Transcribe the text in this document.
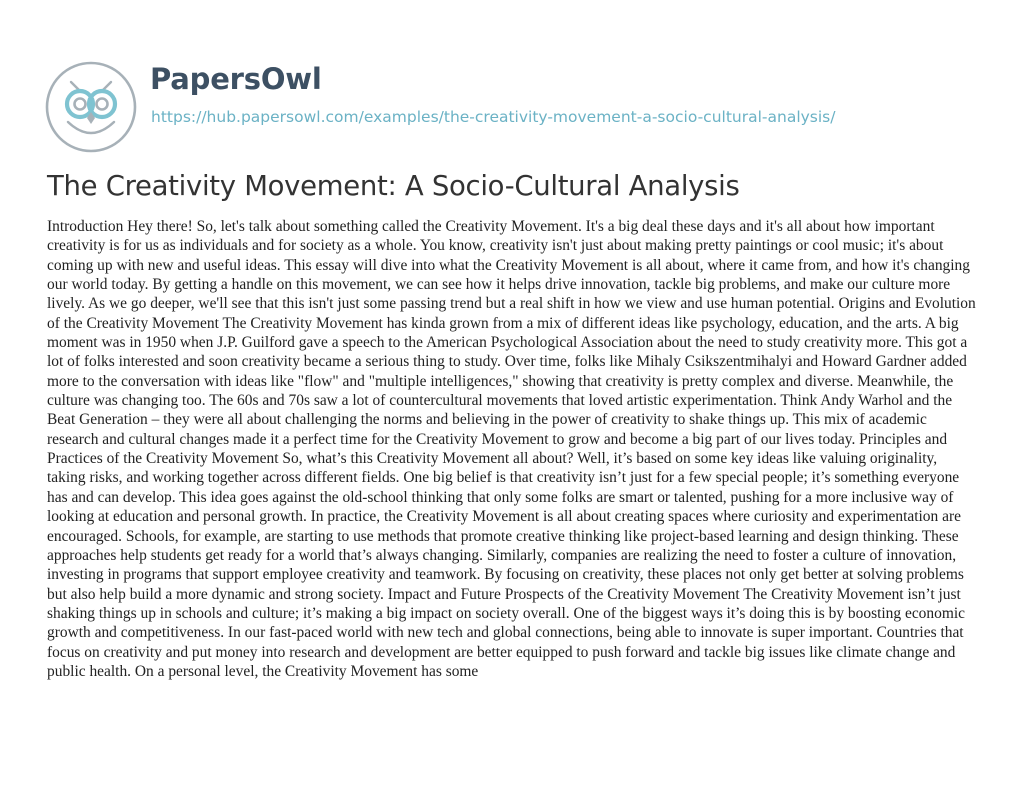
PapersOwl
https://hub.papersowl.com/examples/the-creativity-movement-a-socio-cultural-analysis/
The Creativity Movement: A Socio-Cultural Analysis

Introduction Hey there! So, let's talk about something called the Creativity Movement. It's a big deal these days and it's all about how important creativity is for us as individuals and for society as a whole. You know, creativity isn't just about making pretty paintings or cool music; it's about coming up with new and useful ideas. This essay will dive into what the Creativity Movement is all about, where it came from, and how it's changing our world today. By getting a handle on this movement, we can see how it helps drive innovation, tackle big problems, and make our culture more lively. As we go deeper, we'll see that this isn't just some passing trend but a real shift in how we view and use human potential. Origins and Evolution of the Creativity Movement The Creativity Movement has kinda grown from a mix of different ideas like psychology, education, and the arts. A big moment was in 1950 when J.P. Guilford gave a speech to the American Psychological Association about the need to study creativity more. This got a lot of folks interested and soon creativity became a serious thing to study. Over time, folks like Mihaly Csikszentmihalyi and Howard Gardner added more to the conversation with ideas like "flow" and "multiple intelligences," showing that creativity is pretty complex and diverse. Meanwhile, the culture was changing too. The 60s and 70s saw a lot of countercultural movements that loved artistic experimentation. Think Andy Warhol and the Beat Generation – they were all about challenging the norms and believing in the power of creativity to shake things up. This mix of academic research and cultural changes made it a perfect time for the Creativity Movement to grow and become a big part of our lives today. Principles and Practices of the Creativity Movement So, what’s this Creativity Movement all about? Well, it’s based on some key ideas like valuing originality, taking risks, and working together across different fields. One big belief is that creativity isn’t just for a few special people; it’s something everyone has and can develop. This idea goes against the old-school thinking that only some folks are smart or talented, pushing for a more inclusive way of looking at education and personal growth. In practice, the Creativity Movement is all about creating spaces where curiosity and experimentation are encouraged. Schools, for example, are starting to use methods that promote creative thinking like project-based learning and design thinking. These approaches help students get ready for a world that’s always changing. Similarly, companies are realizing the need to foster a culture of innovation, investing in programs that support employee creativity and teamwork. By focusing on creativity, these places not only get better at solving problems but also help build a more dynamic and strong society. Impact and Future Prospects of the Creativity Movement The Creativity Movement isn’t just shaking things up in schools and culture; it’s making a big impact on society overall. One of the biggest ways it’s doing this is by boosting economic growth and competitiveness. In our fast-paced world with new tech and global connections, being able to innovate is super important. Countries that focus on creativity and put money into research and development are better equipped to push forward and tackle big issues like climate change and public health. On a personal level, the Creativity Movement has some
